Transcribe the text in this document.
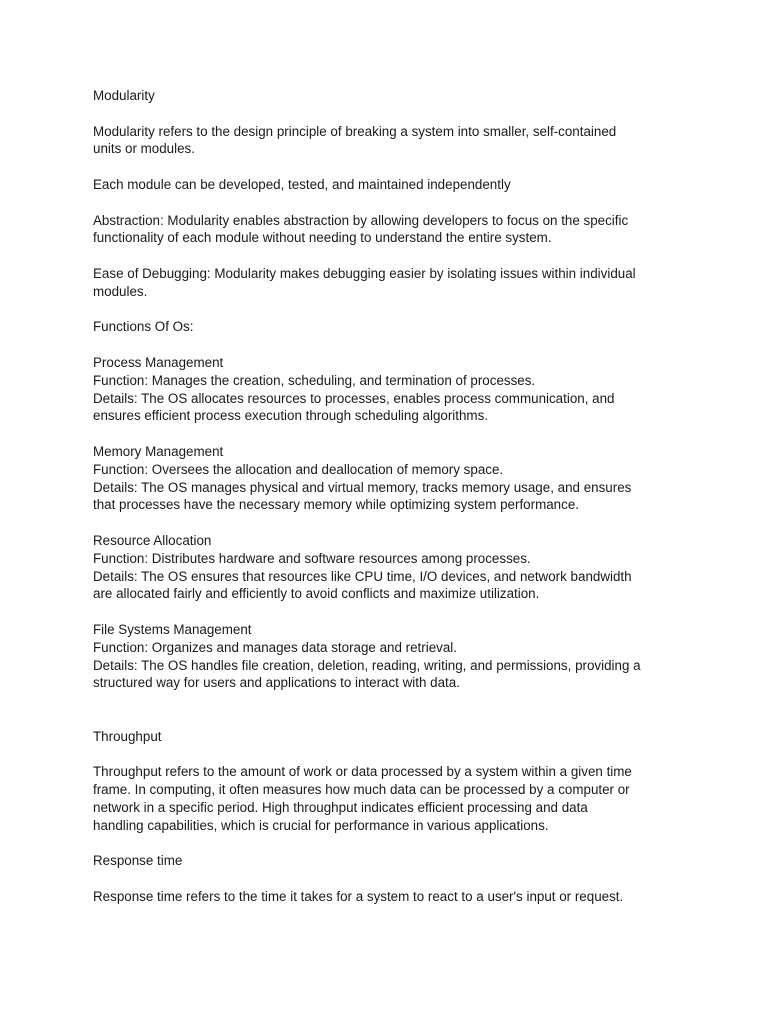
Modularity
Modularity refers to the design principle of breaking a system into smaller, self-contained
units or modules.
Each module can be developed, tested, and maintained independently
Abstraction: Modularity enables abstraction by allowing developers to focus on the specific
functionality of each module without needing to understand the entire system.
Ease of Debugging: Modularity makes debugging easier by isolating issues within individual
modules.
Functions Of Os:
Process Management
Function: Manages the creation, scheduling, and termination of processes.
Details: The OS allocates resources to processes, enables process communication, and
ensures efficient process execution through scheduling algorithms.
Memory Management
Function: Oversees the allocation and deallocation of memory space.
Details: The OS manages physical and virtual memory, tracks memory usage, and ensures
that processes have the necessary memory while optimizing system performance.
Resource Allocation
Function: Distributes hardware and software resources among processes.
Details: The OS ensures that resources like CPU time, I/O devices, and network bandwidth
are allocated fairly and efficiently to avoid conflicts and maximize utilization.
File Systems Management
Function: Organizes and manages data storage and retrieval.
Details: The OS handles file creation, deletion, reading, writing, and permissions, providing a
structured way for users and applications to interact with data.
Throughput
Throughput refers to the amount of work or data processed by a system within a given time
frame. In computing, it often measures how much data can be processed by a computer or
network in a specific period. High throughput indicates efficient processing and data
handling capabilities, which is crucial for performance in various applications.
Response time
Response time refers to the time it takes for a system to react to a user's input or request.
